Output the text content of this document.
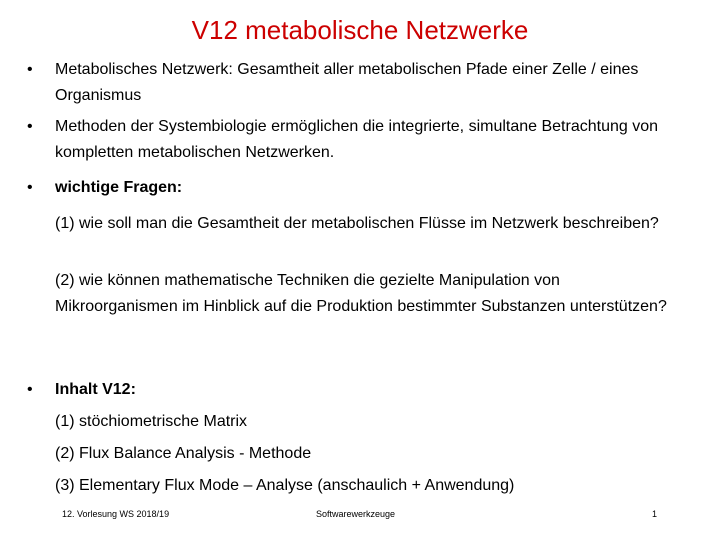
V12 metabolische Netzwerke
• Metabolisches Netzwerk: Gesamtheit aller metabolischen Pfade einer Zelle / eines Organismus
• Methoden der Systembiologie ermöglichen die integrierte, simultane Betrachtung von kompletten metabolischen Netzwerken.
• wichtige Fragen:
(1) wie soll man die Gesamtheit der metabolischen Flüsse im Netzwerk beschreiben?
(2) wie können mathematische Techniken die gezielte Manipulation von Mikroorganismen im Hinblick auf die Produktion bestimmter Substanzen unterstützen?
• Inhalt V12:
(1) stöchiometrische Matrix
(2) Flux Balance Analysis - Methode
(3) Elementary Flux Mode – Analyse (anschaulich + Anwendung)
12. Vorlesung WS 2018/19	Softwarewerkzeuge	1
